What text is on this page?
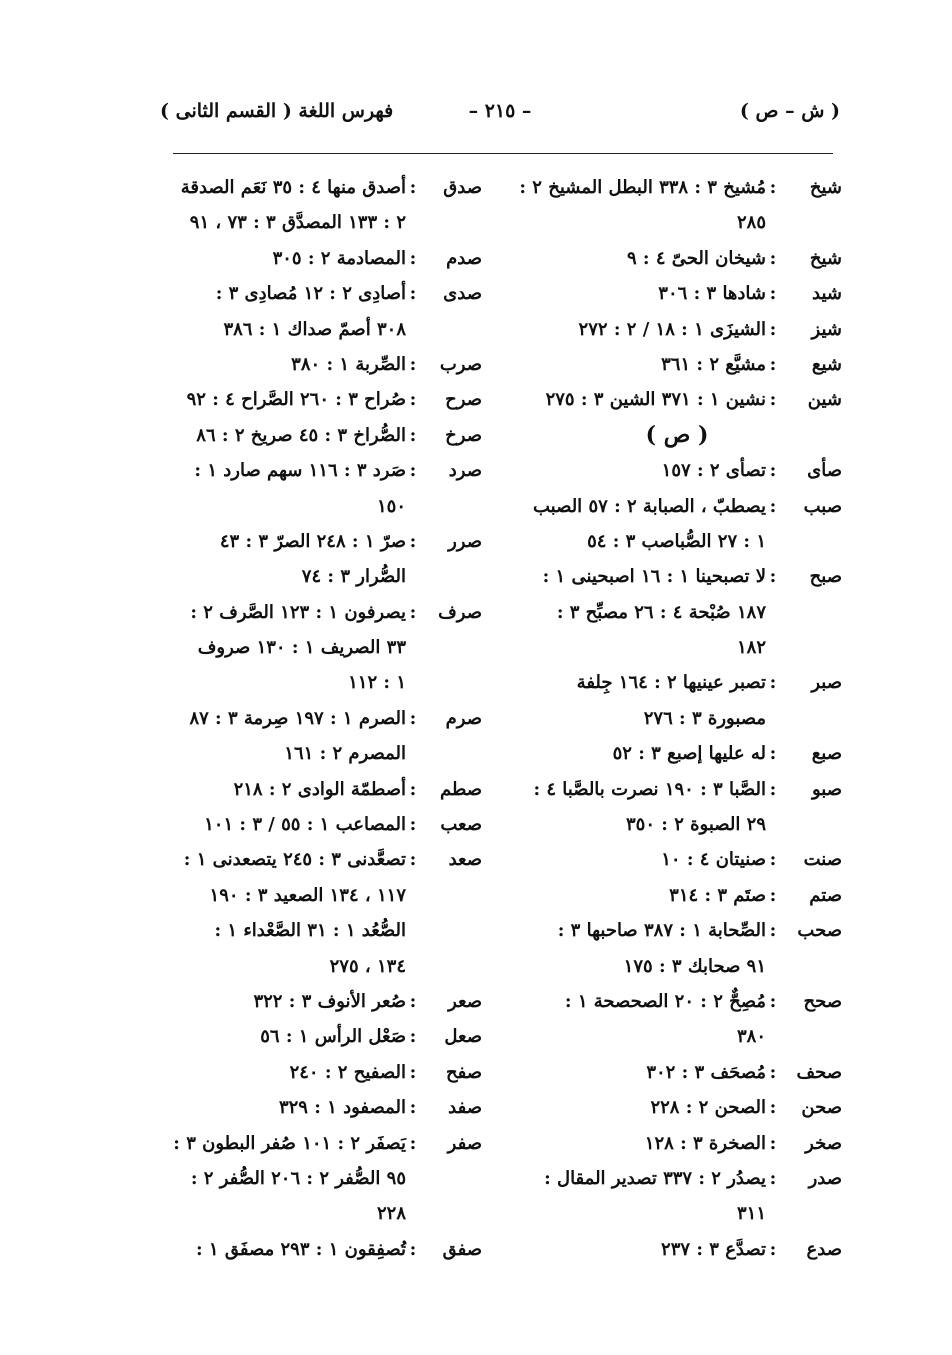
( ش – ص )
– ٢١٥ –
فهرس اللغة ( القسم الثانى )
شيخ:مُشيخ ٣ : ٣٣٨ البطل المشيخ ٢ :
٢٨٥
شيخ:شيخان الحىّ ٤ : ٩
شيد:شادها ٣ : ٣٠٦
شيز:الشيزَى ١ : ١٨ / ٢ : ٢٧٢
شيع:مشيَّع ٢ : ٣٦١
شين:نشين ١ : ٣٧١ الشين ٣ : ٢٧٥
( ص )
صأى:تصأى ٢ : ١٥٧
صبب:يصطبّ ، الصبابة ٢ : ٥٧ الصبب
١ : ٢٧ الصُّباصب ٣ : ٥٤
صبح:لا تصبحينا ١ : ١٦ اصبحينى ١ :
١٨٧ صُبْحة ٤ : ٢٦ مصبِّح ٣ :
١٨٢
صبر:تصبر عينيها ٢ : ١٦٤ جِلفة
مصبورة ٣ : ٢٧٦
صبع:له عليها إصبع ٣ : ٥٢
صبو:الصَّبا ٣ : ١٩٠ نصرت بالصَّبا ٤ :
٢٩ الصبوة ٢ : ٣٥٠
صنت:صنيتان ٤ : ١٠
صتم:صتَم ٣ : ٣١٤
صحب:الصِّحابة ١ : ٣٨٧ صاحبها ٣ :
٩١ صحابك ٣ : ١٧٥
صحح:مُصِحٌّ ٢ : ٢٠ الصحصحة ١ :
٣٨٠
صحف:مُصحَف ٣ : ٣٠٢
صحن:الصحن ٢ : ٢٢٨
صخر:الصخرة ٣ : ١٢٨
صدر:يصدُر ٢ : ٣٣٧ تصدير المقال :
٣١١
صدع:تصدَّع ٣ : ٢٣٧
صدق:أصدق منها ٤ : ٣٥ نَعَم الصدقة
٢ : ١٣٣ المصدَّق ٣ : ٧٣ ، ٩١
صدم:المصادمة ٢ : ٣٠٥
صدى:أصادِى ٢ : ١٢ مُصادِى ٣ :
٣٠٨ أصمّ صداك ١ : ٣٨٦
صرب:الصِّربة ١ : ٣٨٠
صرح:صُراح ٣ : ٢٦٠ الصَّراح ٤ : ٩٢
صرخ:الصُّراخ ٣ : ٤٥ صريخ ٢ : ٨٦
صرد:صَرد ٣ : ١١٦ سهم صارد ١ :
١٥٠
صرر:صرّ ١ : ٢٤٨ الصرّ ٣ : ٤٣
الصُّرار ٣ : ٧٤
صرف:يصرفون ١ : ١٢٣ الصَّرف ٢ :
٣٣ الصريف ١ : ١٣٠ صروف
١ : ١١٢
صرم:الصرم ١ : ١٩٧ صِرمة ٣ : ٨٧
المصرم ٢ : ١٦١
صطم:أصطمّة الوادى ٢ : ٢١٨
صعب:المصاعب ١ : ٥٥ / ٣ : ١٠١
صعد:تصعَّدنى ٣ : ٢٤٥ يتصعدنى ١ :
١١٧ ، ١٣٤ الصعيد ٣ : ١٩٠
الصُّعُد ١ : ٣١ الصَّعْداء ١ :
١٣٤ ، ٢٧٥
صعر:صُعر الأنوف ٣ : ٣٢٢
صعل:صَعْل الرأس ١ : ٥٦
صفح:الصفيح ٢ : ٢٤٠
صفد:المصفود ١ : ٣٢٩
صفر:يَصفَر ٢ : ١٠١ صُفر البطون ٣ :
٩٥ الصُّفر ٢ : ٢٠٦ الصُّفر ٢ :
٢٢٨
صفق:تُصفِقون ١ : ٢٩٣ مصفَق ١ :
